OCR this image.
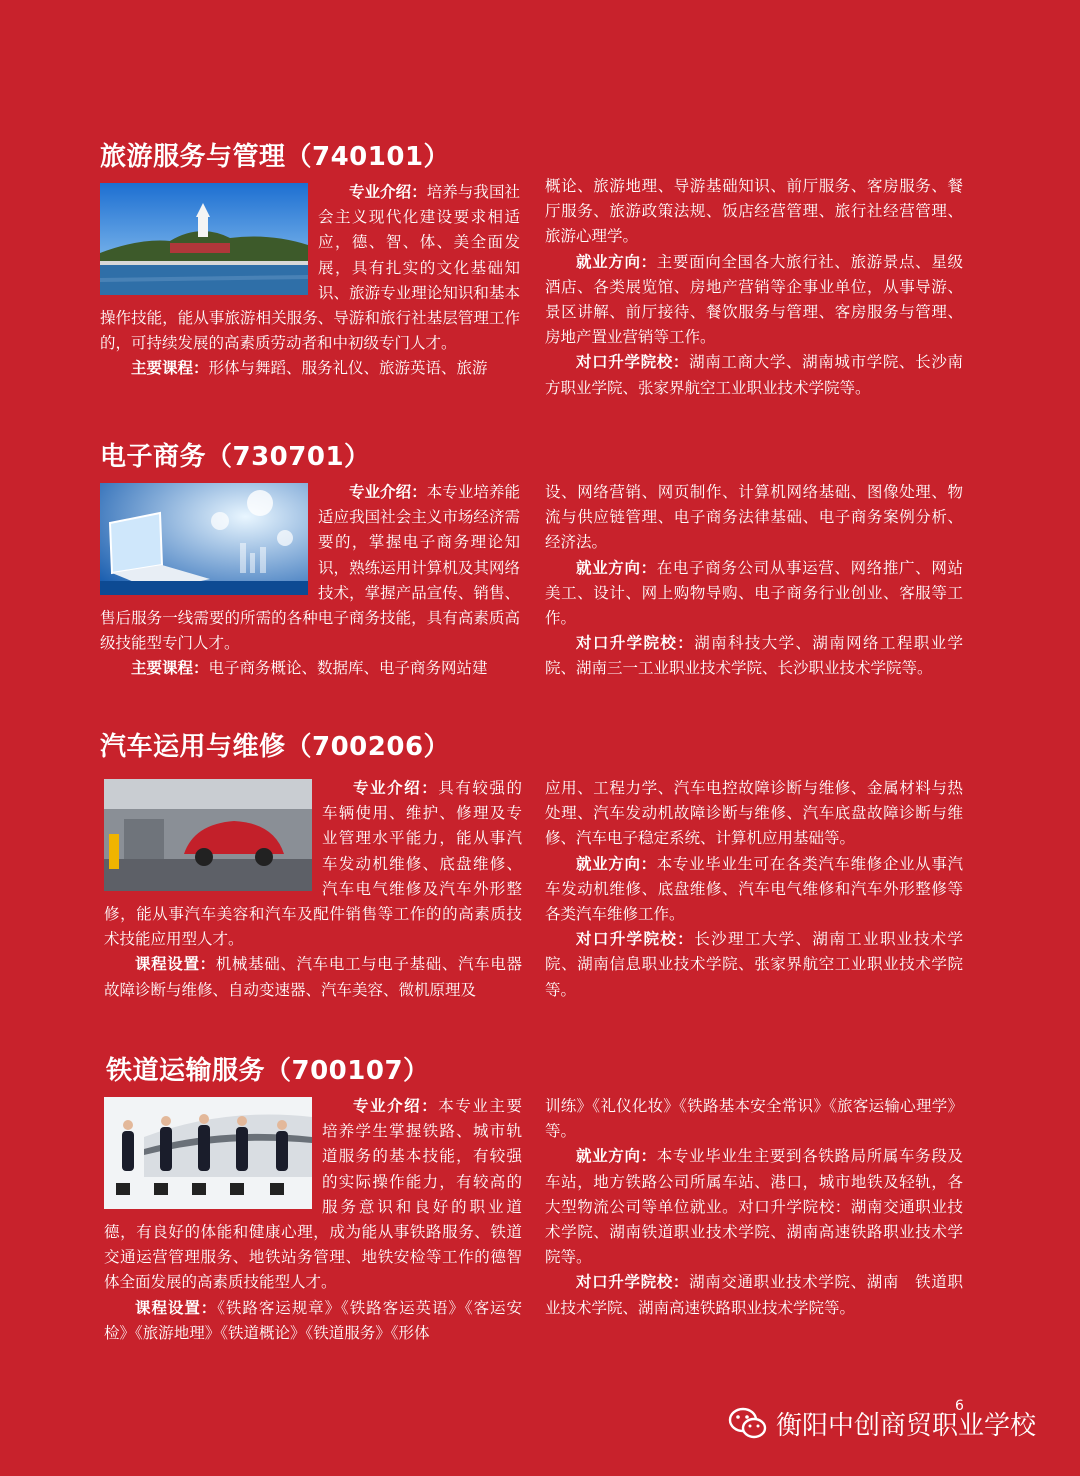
旅游服务与管理（740101）

专业介绍：培养与我国社会主义现代化建设要求相适应，德、智、体、美全面发展，具有扎实的文化基础知识、旅游专业理论知识和基本操作技能，能从事旅游相关服务、导游和旅行社基层管理工作的，可持续发展的高素质劳动者和中初级专门人才。

主要课程：形体与舞蹈、服务礼仪、旅游英语、旅游

概论、旅游地理、导游基础知识、前厅服务、客房服务、餐厅服务、旅游政策法规、饭店经营管理、旅行社经营管理、旅游心理学。

就业方向：主要面向全国各大旅行社、旅游景点、星级酒店、各类展览馆、房地产营销等企事业单位，从事导游、景区讲解、前厅接待、餐饮服务与管理、客房服务与管理、房地产置业营销等工作。

对口升学院校：湖南工商大学、湖南城市学院、长沙南方职业学院、张家界航空工业职业技术学院等。

电子商务（730701）

专业介绍：本专业培养能适应我国社会主义市场经济需要的，掌握电子商务理论知识，熟练运用计算机及其网络技术，掌握产品宣传、销售、售后服务一线需要的所需的各种电子商务技能，具有高素质高级技能型专门人才。

主要课程：电子商务概论、数据库、电子商务网站建

设、网络营销、网页制作、计算机网络基础、图像处理、物流与供应链管理、电子商务法律基础、电子商务案例分析、经济法。

就业方向：在电子商务公司从事运营、网络推广、网站美工、设计、网上购物导购、电子商务行业创业、客服等工作。

对口升学院校：湖南科技大学、湖南网络工程职业学院、湖南三一工业职业技术学院、长沙职业技术学院等。

汽车运用与维修（700206）

专业介绍：具有较强的车辆使用、维护、修理及专业管理水平能力，能从事汽车发动机维修、底盘维修、汽车电气维修及汽车外形整修，能从事汽车美容和汽车及配件销售等工作的的高素质技术技能应用型人才。

课程设置：机械基础、汽车电工与电子基础、汽车电器故障诊断与维修、自动变速器、汽车美容、微机原理及

应用、工程力学、汽车电控故障诊断与维修、金属材料与热处理、汽车发动机故障诊断与维修、汽车底盘故障诊断与维修、汽车电子稳定系统、计算机应用基础等。

就业方向：本专业毕业生可在各类汽车维修企业从事汽车发动机维修、底盘维修、汽车电气维修和汽车外形整修等各类汽车维修工作。

对口升学院校：长沙理工大学、湖南工业职业技术学院、湖南信息职业技术学院、张家界航空工业职业技术学院等。

铁道运输服务（700107）

专业介绍：本专业主要培养学生掌握铁路、城市轨道服务的基本技能，有较强的实际操作能力，有较高的服务意识和良好的职业道德，有良好的体能和健康心理，成为能从事铁路服务、铁道交通运营管理服务、地铁站务管理、地铁安检等工作的德智体全面发展的高素质技能型人才。

课程设置：《铁路客运规章》《铁路客运英语》《客运安检》《旅游地理》《铁道概论》《铁道服务》《形体

训练》《礼仪化妆》《铁路基本安全常识》《旅客运输心理学》等。

就业方向：本专业毕业生主要到各铁路局所属车务段及车站，地方铁路公司所属车站、港口，城市地铁及轻轨，各大型物流公司等单位就业。对口升学院校：湖南交通职业技术学院、湖南铁道职业技术学院、湖南高速铁路职业技术学院等。

对口升学院校：湖南交通职业技术学院、湖南　铁道职业技术学院、湖南高速铁路职业技术学院等。

6
衡阳中创商贸职业学校
